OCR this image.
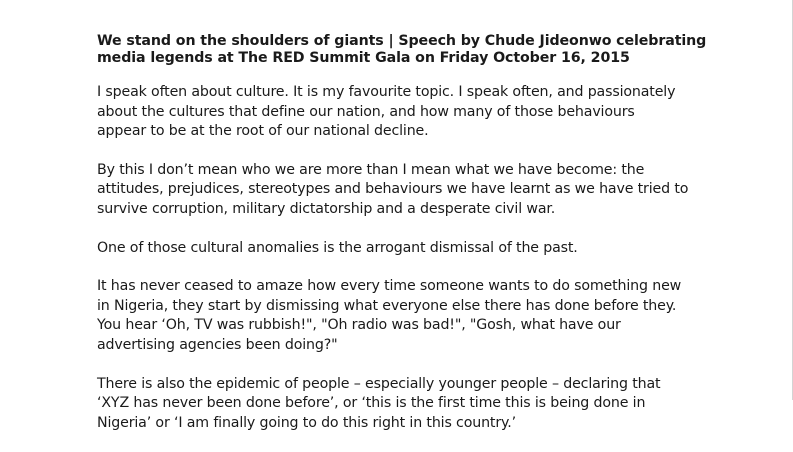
We stand on the shoulders of giants | Speech by Chude Jideonwo celebrating
media legends at The RED Summit Gala on Friday October 16, 2015
I speak often about culture. It is my favourite topic. I speak often, and passionately
about the cultures that define our nation, and how many of those behaviours
appear to be at the root of our national decline.
By this I don’t mean who we are more than I mean what we have become: the
attitudes, prejudices, stereotypes and behaviours we have learnt as we have tried to
survive corruption, military dictatorship and a desperate civil war.
One of those cultural anomalies is the arrogant dismissal of the past.
It has never ceased to amaze how every time someone wants to do something new
in Nigeria, they start by dismissing what everyone else there has done before they.
You hear ‘Oh, TV was rubbish!", "Oh radio was bad!", "Gosh, what have our
advertising agencies been doing?"
There is also the epidemic of people – especially younger people – declaring that
‘XYZ has never been done before’, or ‘this is the first time this is being done in
Nigeria’ or ‘I am finally going to do this right in this country.’
